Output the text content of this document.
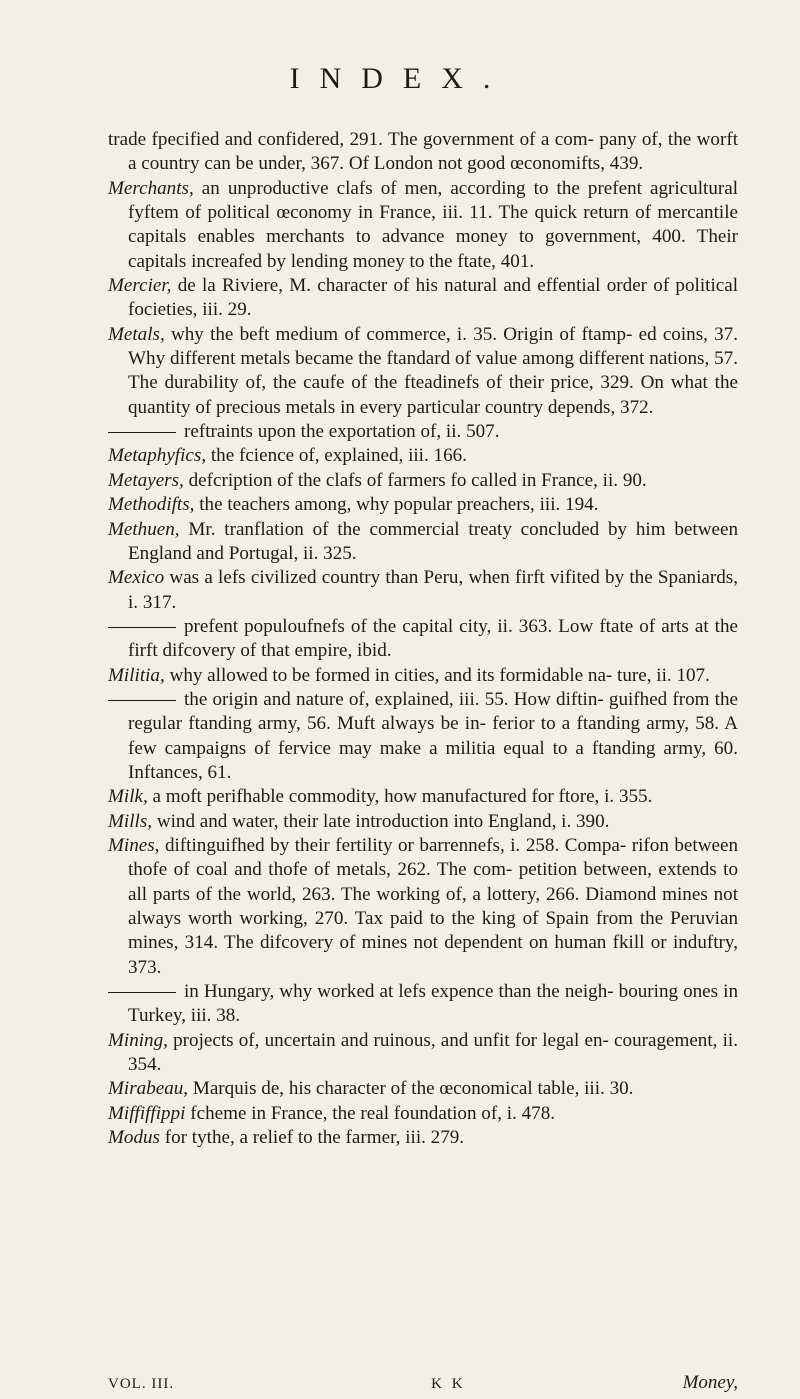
INDEX.

trade fpecified and confidered, 291. The government of a com- pany of, the worft a country can be under, 367. Of London not good œconomifts, 439.

Merchants, an unproductive clafs of men, according to the prefent agricultural fyftem of political œconomy in France, iii. 11. The quick return of mercantile capitals enables merchants to advance money to government, 400. Their capitals increafed by lending money to the ftate, 401.

Mercier, de la Riviere, M. character of his natural and effential order of political focieties, iii. 29.

Metals, why the beft medium of commerce, i. 35. Origin of ftamp- ed coins, 37. Why different metals became the ftandard of value among different nations, 57. The durability of, the caufe of the fteadinefs of their price, 329. On what the quantity of precious metals in every particular country depends, 372.

reftraints upon the exportation of, ii. 507.

Metaphyfics, the fcience of, explained, iii. 166.

Metayers, defcription of the clafs of farmers fo called in France, ii. 90.

Methodifts, the teachers among, why popular preachers, iii. 194.

Methuen, Mr. tranflation of the commercial treaty concluded by him between England and Portugal, ii. 325.

Mexico was a lefs civilized country than Peru, when firft vifited by the Spaniards, i. 317.

prefent populoufnefs of the capital city, ii. 363. Low ftate of arts at the firft difcovery of that empire, ibid.

Militia, why allowed to be formed in cities, and its formidable na- ture, ii. 107.

the origin and nature of, explained, iii. 55. How diftin- guifhed from the regular ftanding army, 56. Muft always be in- ferior to a ftanding army, 58. A few campaigns of fervice may make a militia equal to a ftanding army, 60. Inftances, 61.

Milk, a moft perifhable commodity, how manufactured for ftore, i. 355.

Mills, wind and water, their late introduction into England, i. 390.

Mines, diftinguifhed by their fertility or barrennefs, i. 258. Compa- rifon between thofe of coal and thofe of metals, 262. The com- petition between, extends to all parts of the world, 263. The working of, a lottery, 266. Diamond mines not always worth working, 270. Tax paid to the king of Spain from the Peruvian mines, 314. The difcovery of mines not dependent on human fkill or induftry, 373.

in Hungary, why worked at lefs expence than the neigh- bouring ones in Turkey, iii. 38.

Mining, projects of, uncertain and ruinous, and unfit for legal en- couragement, ii. 354.

Mirabeau, Marquis de, his character of the œconomical table, iii. 30.

Miffiffippi fcheme in France, the real foundation of, i. 478.

Modus for tythe, a relief to the farmer, iii. 279.

VOL. III.	K K	Money,
